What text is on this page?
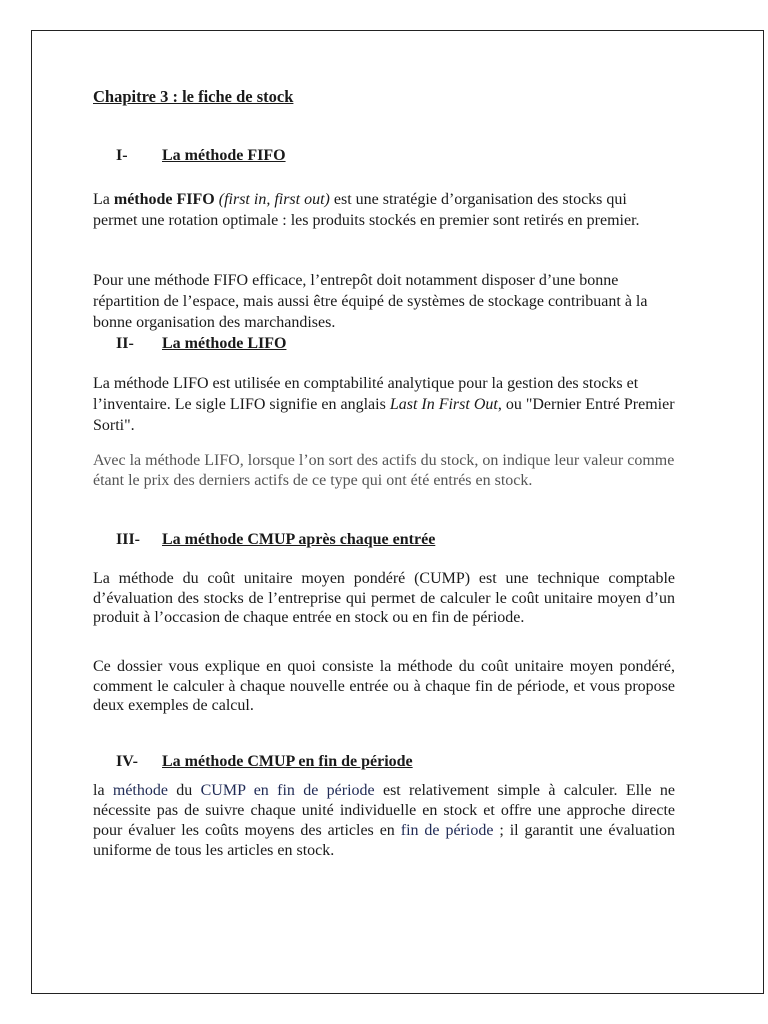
Chapitre 3 : le fiche de stock
I- La méthode FIFO

La méthode FIFO (first in, first out) est une stratégie d’organisation des stocks qui permet une rotation optimale : les produits stockés en premier sont retirés en premier.

Pour une méthode FIFO efficace, l’entrepôt doit notamment disposer d’une bonne répartition de l’espace, mais aussi être équipé de systèmes de stockage contribuant à la bonne organisation des marchandises.

II- La méthode LIFO

La méthode LIFO est utilisée en comptabilité analytique pour la gestion des stocks et l’inventaire. Le sigle LIFO signifie en anglais Last In First Out, ou "Dernier Entré Premier Sorti".

Avec la méthode LIFO, lorsque l’on sort des actifs du stock, on indique leur valeur comme étant le prix des derniers actifs de ce type qui ont été entrés en stock.

III- La méthode CMUP après chaque entrée

La méthode du coût unitaire moyen pondéré (CUMP) est une technique comptable d’évaluation des stocks de l’entreprise qui permet de calculer le coût unitaire moyen d’un produit à l’occasion de chaque entrée en stock ou en fin de période.

Ce dossier vous explique en quoi consiste la méthode du coût unitaire moyen pondéré, comment le calculer à chaque nouvelle entrée ou à chaque fin de période, et vous propose deux exemples de calcul.

IV- La méthode CMUP en fin de période

la méthode du CUMP en fin de période est relativement simple à calculer. Elle ne nécessite pas de suivre chaque unité individuelle en stock et offre une approche directe pour évaluer les coûts moyens des articles en fin de période ; il garantit une évaluation uniforme de tous les articles en stock.
